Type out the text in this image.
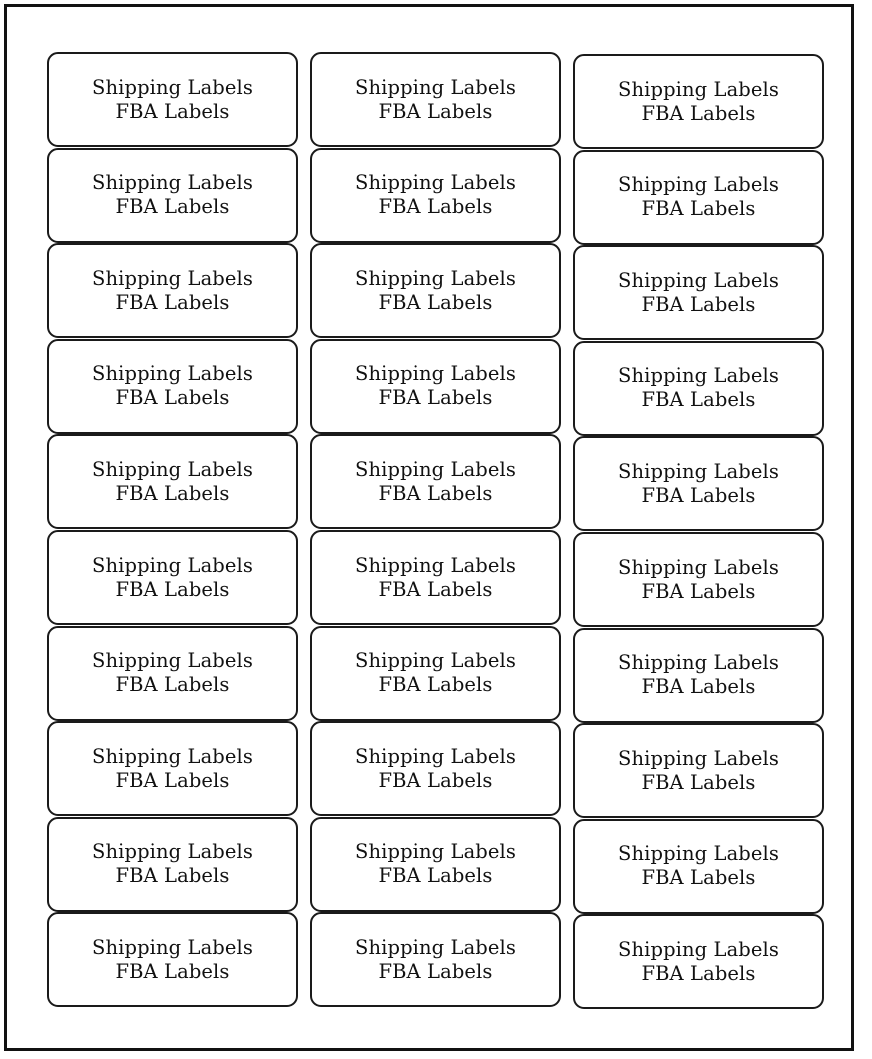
Shipping Labels
FBA Labels
Shipping Labels
FBA Labels
Shipping Labels
FBA Labels
Shipping Labels
FBA Labels
Shipping Labels
FBA Labels
Shipping Labels
FBA Labels
Shipping Labels
FBA Labels
Shipping Labels
FBA Labels
Shipping Labels
FBA Labels
Shipping Labels
FBA Labels
Shipping Labels
FBA Labels
Shipping Labels
FBA Labels
Shipping Labels
FBA Labels
Shipping Labels
FBA Labels
Shipping Labels
FBA Labels
Shipping Labels
FBA Labels
Shipping Labels
FBA Labels
Shipping Labels
FBA Labels
Shipping Labels
FBA Labels
Shipping Labels
FBA Labels
Shipping Labels
FBA Labels
Shipping Labels
FBA Labels
Shipping Labels
FBA Labels
Shipping Labels
FBA Labels
Shipping Labels
FBA Labels
Shipping Labels
FBA Labels
Shipping Labels
FBA Labels
Shipping Labels
FBA Labels
Shipping Labels
FBA Labels
Shipping Labels
FBA Labels
